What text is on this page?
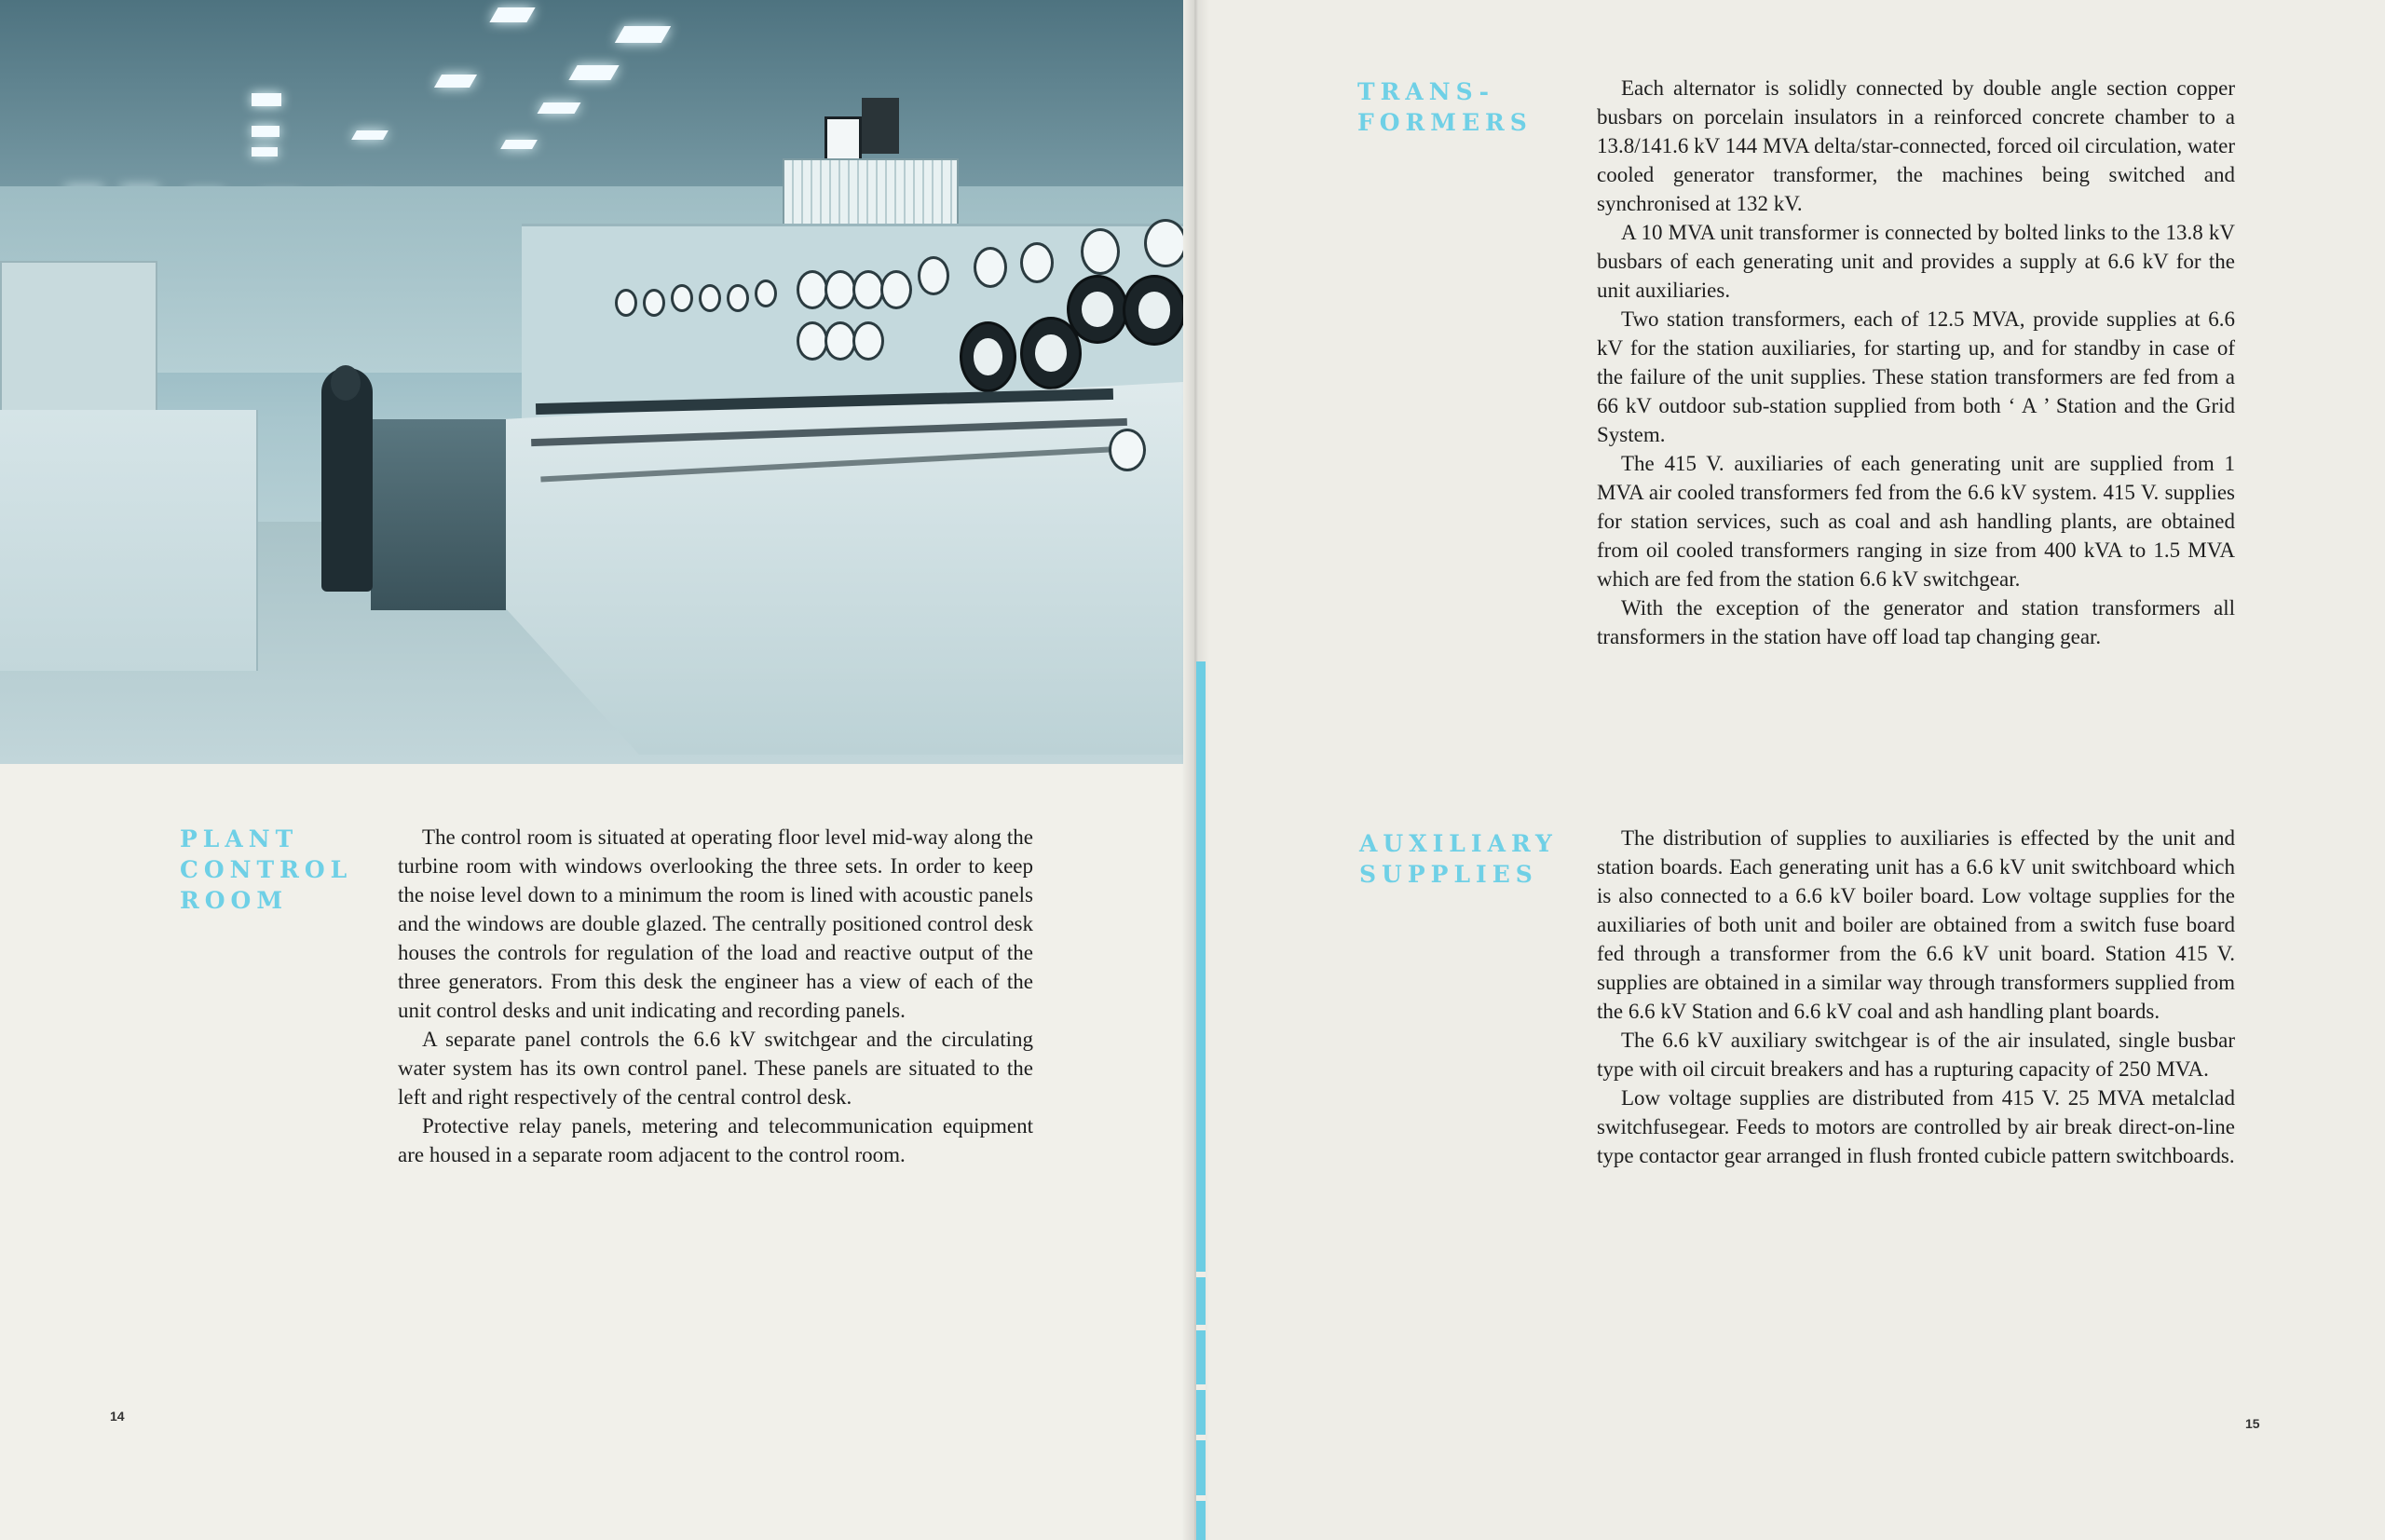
PLANT
CONTROL
ROOM

The control room is situated at operating floor level mid-way along the turbine room with windows overlooking the three sets. In order to keep the noise level down to a minimum the room is lined with acoustic panels and the windows are double glazed. The centrally positioned control desk houses the controls for regulation of the load and reactive output of the three generators. From this desk the engineer has a view of each of the unit control desks and unit indicating and recording panels.

A separate panel controls the 6.6 kV switchgear and the circulating water system has its own control panel. These panels are situated to the left and right respectively of the central control desk.

Protective relay panels, metering and telecommunication equipment are housed in a separate room adjacent to the control room.

14
TRANS-
FORMERS

Each alternator is solidly connected by double angle section copper busbars on porcelain insulators in a reinforced concrete chamber to a 13.8/141.6 kV 144 MVA delta/star-connected, forced oil circulation, water cooled generator transformer, the machines being switched and synchronised at 132 kV.

A 10 MVA unit transformer is connected by bolted links to the 13.8 kV busbars of each generating unit and provides a supply at 6.6 kV for the unit auxiliaries.

Two station transformers, each of 12.5 MVA, provide supplies at 6.6 kV for the station auxiliaries, for starting up, and for standby in case of the failure of the unit supplies. These station transformers are fed from a 66 kV outdoor sub-station supplied from both ‘ A ’ Station and the Grid System.

The 415 V. auxiliaries of each generating unit are supplied from 1 MVA air cooled transformers fed from the 6.6 kV system. 415 V. supplies for station services, such as coal and ash handling plants, are obtained from oil cooled transformers ranging in size from 400 kVA to 1.5 MVA which are fed from the station 6.6 kV switchgear.

With the exception of the generator and station transformers all transformers in the station have off load tap changing gear.

AUXILIARY
SUPPLIES

The distribution of supplies to auxiliaries is effected by the unit and station boards. Each generating unit has a 6.6 kV unit switchboard which is also connected to a 6.6 kV boiler board. Low voltage supplies for the auxiliaries of both unit and boiler are obtained from a switch fuse board fed through a transformer from the 6.6 kV unit board. Station 415 V. supplies are obtained in a similar way through transformers supplied from the 6.6 kV Station and 6.6 kV coal and ash handling plant boards.

The 6.6 kV auxiliary switchgear is of the air insulated, single busbar type with oil circuit breakers and has a rupturing capacity of 250 MVA.

Low voltage supplies are distributed from 415 V. 25 MVA metalclad switchfusegear. Feeds to motors are controlled by air break direct-on-line type contactor gear arranged in flush fronted cubicle pattern switchboards.

15
